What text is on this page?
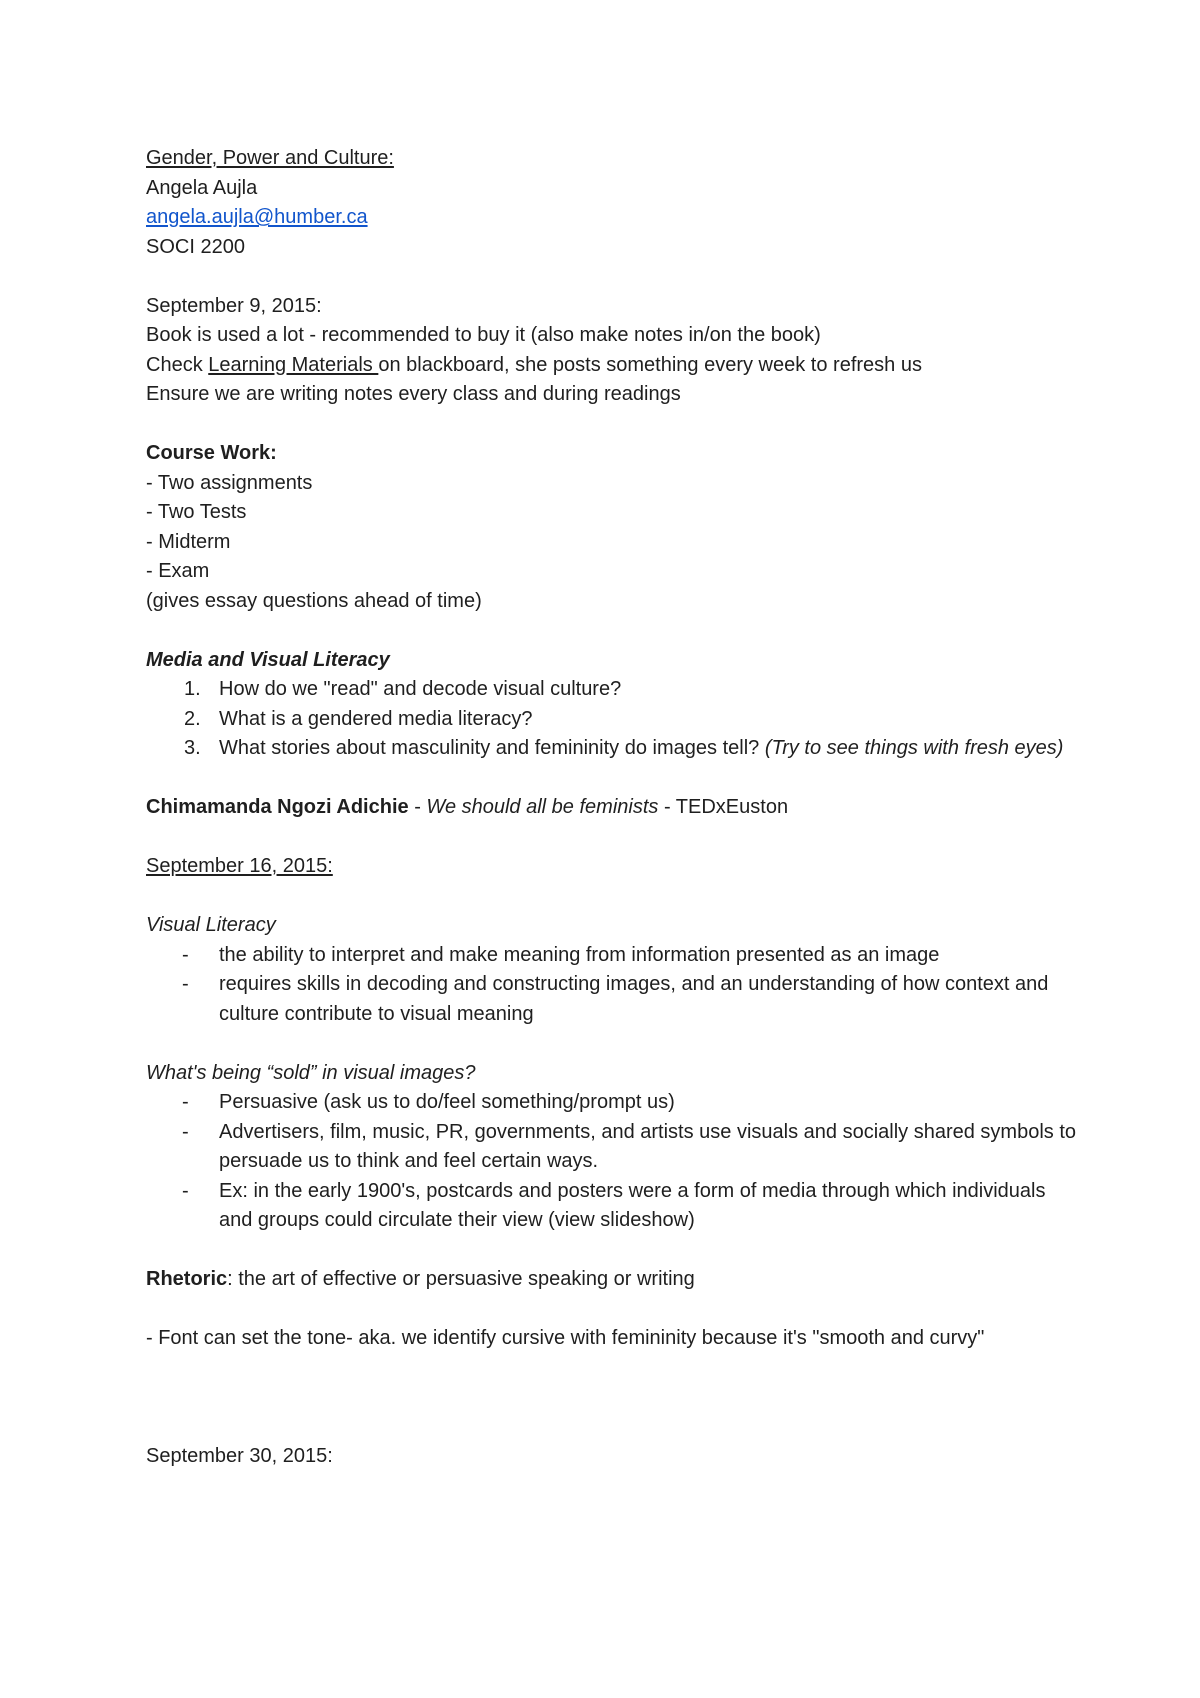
Gender, Power and Culture:
Angela Aujla
angela.aujla@humber.ca
SOCI 2200
September 9, 2015:
Book is used a lot - recommended to buy it (also make notes in/on the book)
Check Learning Materials on blackboard, she posts something every week to refresh us
Ensure we are writing notes every class and during readings
Course Work:
- Two assignments
- Two Tests
- Midterm
- Exam
(gives essay questions ahead of time)
Media and Visual Literacy
1. How do we "read" and decode visual culture?
2. What is a gendered media literacy?
3. What stories about masculinity and femininity do images tell? (Try to see things with fresh eyes)
Chimamanda Ngozi Adichie - We should all be feminists - TEDxEuston
September 16, 2015:
Visual Literacy
-	the ability to interpret and make meaning from information presented as an image
-	requires skills in decoding and constructing images, and an understanding of how context and culture contribute to visual meaning
What's being “sold” in visual images?
-	Persuasive (ask us to do/feel something/prompt us)
-	Advertisers, film, music, PR, governments, and artists use visuals and socially shared symbols to persuade us to think and feel certain ways.
-	Ex: in the early 1900's, postcards and posters were a form of media through which individuals and groups could circulate their view (view slideshow)
Rhetoric: the art of effective or persuasive speaking or writing
- Font can set the tone- aka. we identify cursive with femininity because it's "smooth and curvy"
September 30, 2015:
